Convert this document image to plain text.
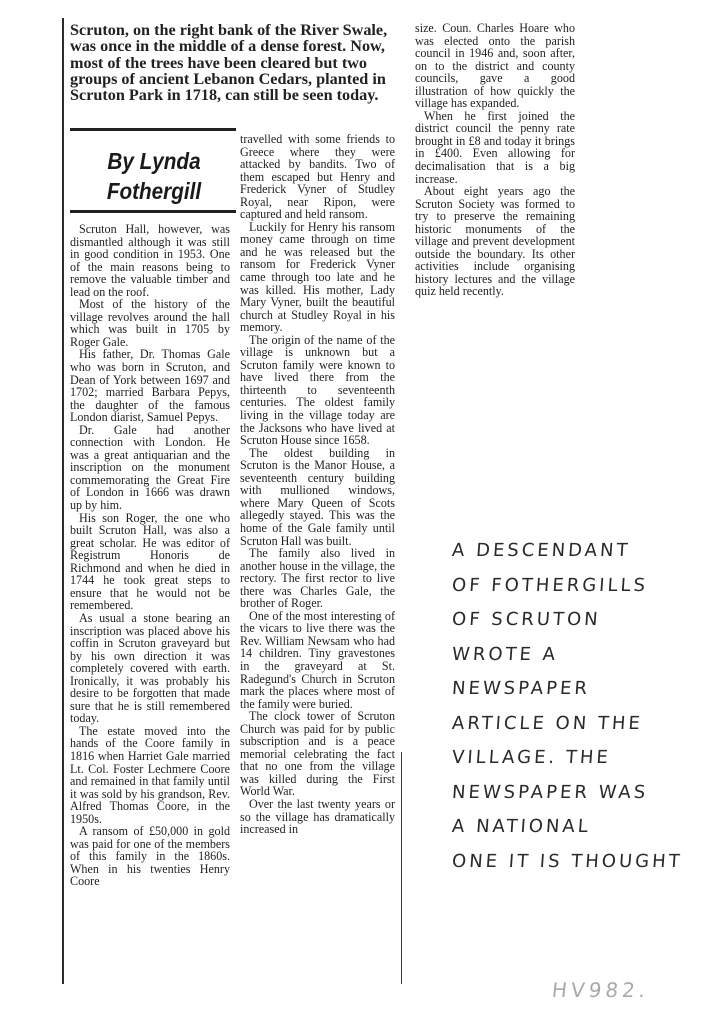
Scruton, on the right bank of the River Swale, was once in the middle of a dense forest. Now, most of the trees have been cleared but two groups of ancient Lebanon Cedars, planted in Scruton Park in 1718, can still be seen today.
By Lynda
Fothergill

Scruton Hall, however, was dismantled although it was still in good condition in 1953. One of the main reasons being to remove the valuable timber and lead on the roof.

Most of the history of the village revolves around the hall which was built in 1705 by Roger Gale.

His father, Dr. Thomas Gale who was born in Scruton, and Dean of York between 1697 and 1702; married Barbara Pepys, the daughter of the famous London diarist, Samuel Pepys.

Dr. Gale had another connection with London. He was a great antiquarian and the inscription on the monument commemorating the Great Fire of London in 1666 was drawn up by him.

His son Roger, the one who built Scruton Hall, was also a great scholar. He was editor of Registrum Honoris de Richmond and when he died in 1744 he took great steps to ensure that he would not be remembered.

As usual a stone bearing an inscription was placed above his coffin in Scruton graveyard but by his own direction it was completely covered with earth. Ironically, it was probably his desire to be forgotten that made sure that he is still remembered today.

The estate moved into the hands of the Coore family in 1816 when Harriet Gale married Lt. Col. Foster Lechmere Coore and remained in that family until it was sold by his grandson, Rev. Alfred Thomas Coore, in the 1950s.

A ransom of £50,000 in gold was paid for one of the members of this family in the 1860s. When in his twenties Henry Coore

travelled with some friends to Greece where they were attacked by bandits. Two of them escaped but Henry and Frederick Vyner of Studley Royal, near Ripon, were captured and held ransom.

Luckily for Henry his ransom money came through on time and he was released but the ransom for Frederick Vyner came through too late and he was killed. His mother, Lady Mary Vyner, built the beautiful church at Studley Royal in his memory.

The origin of the name of the village is unknown but a Scruton family were known to have lived there from the thirteenth to seventeenth centuries. The oldest family living in the village today are the Jacksons who have lived at Scruton House since 1658.

The oldest building in Scruton is the Manor House, a seventeenth century building with mullioned windows, where Mary Queen of Scots allegedly stayed. This was the home of the Gale family until Scruton Hall was built.

The family also lived in another house in the village, the rectory. The first rector to live there was Charles Gale, the brother of Roger.

One of the most interesting of the vicars to live there was the Rev. William Newsam who had 14 children. Tiny gravestones in the graveyard at St. Radegund's Church in Scruton mark the places where most of the family were buried.

The clock tower of Scruton Church was paid for by public subscription and is a peace memorial celebrating the fact that no one from the village was killed during the First World War.

Over the last twenty years or so the village has dramatically increased in

size. Coun. Charles Hoare who was elected onto the parish council in 1946 and, soon after, on to the district and county councils, gave a good illustration of how quickly the village has expanded.

When he first joined the district council the penny rate brought in £8 and today it brings in £400. Even allowing for decimalisation that is a big increase.

About eight years ago the Scruton Society was formed to try to preserve the remaining historic monuments of the village and prevent development outside the boundary. Its other activities include organising history lectures and the village quiz held recently.

A DESCENDANT
OF FOTHERGILLS
OF SCRUTON
WROTE A
NEWSPAPER
ARTICLE ON THE
VILLAGE. THE
NEWSPAPER WAS
A NATIONAL
ONE IT IS THOUGHT
HV982.
